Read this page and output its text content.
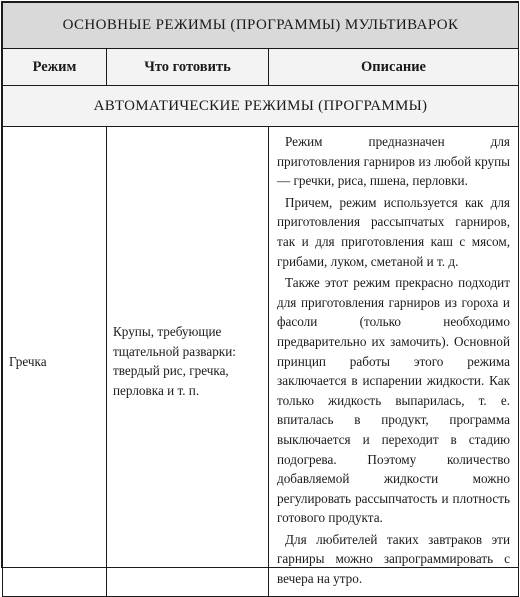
ОСНОВНЫЕ РЕЖИМЫ (ПРОГРАММЫ) МУЛЬТИВАРОК		
Режим	Что готовить	Описание
АВТОМАТИЧЕСКИЕ РЕЖИМЫ (ПРОГРАММЫ)		
Гречка	Крупы, требующие тщательной разварки: твердый рис, гречка, перловка и т. п.	Режим предназначен для приготовления гарниров из любой крупы — гречки, риса, пшена, перловки.

Причем, режим используется как для приготовления рассыпчатых гарниров, так и для приготовления каш с мясом, грибами, луком, сметаной и т. д.

Также этот режим прекрасно подходит для приготовления гарниров из гороха и фасоли (только необходимо предварительно их замочить). Основной принцип работы этого режима заключается в испарении жидкости. Как только жидкость выпарилась, т. е. впиталась в продукт, программа выключается и переходит в стадию подогрева. Поэтому количество добавляемой жидкости можно регулировать рассыпчатость и плотность готового продукта.

Для любителей таких завтраков эти гарниры можно запрограммировать с вечера на утро.
